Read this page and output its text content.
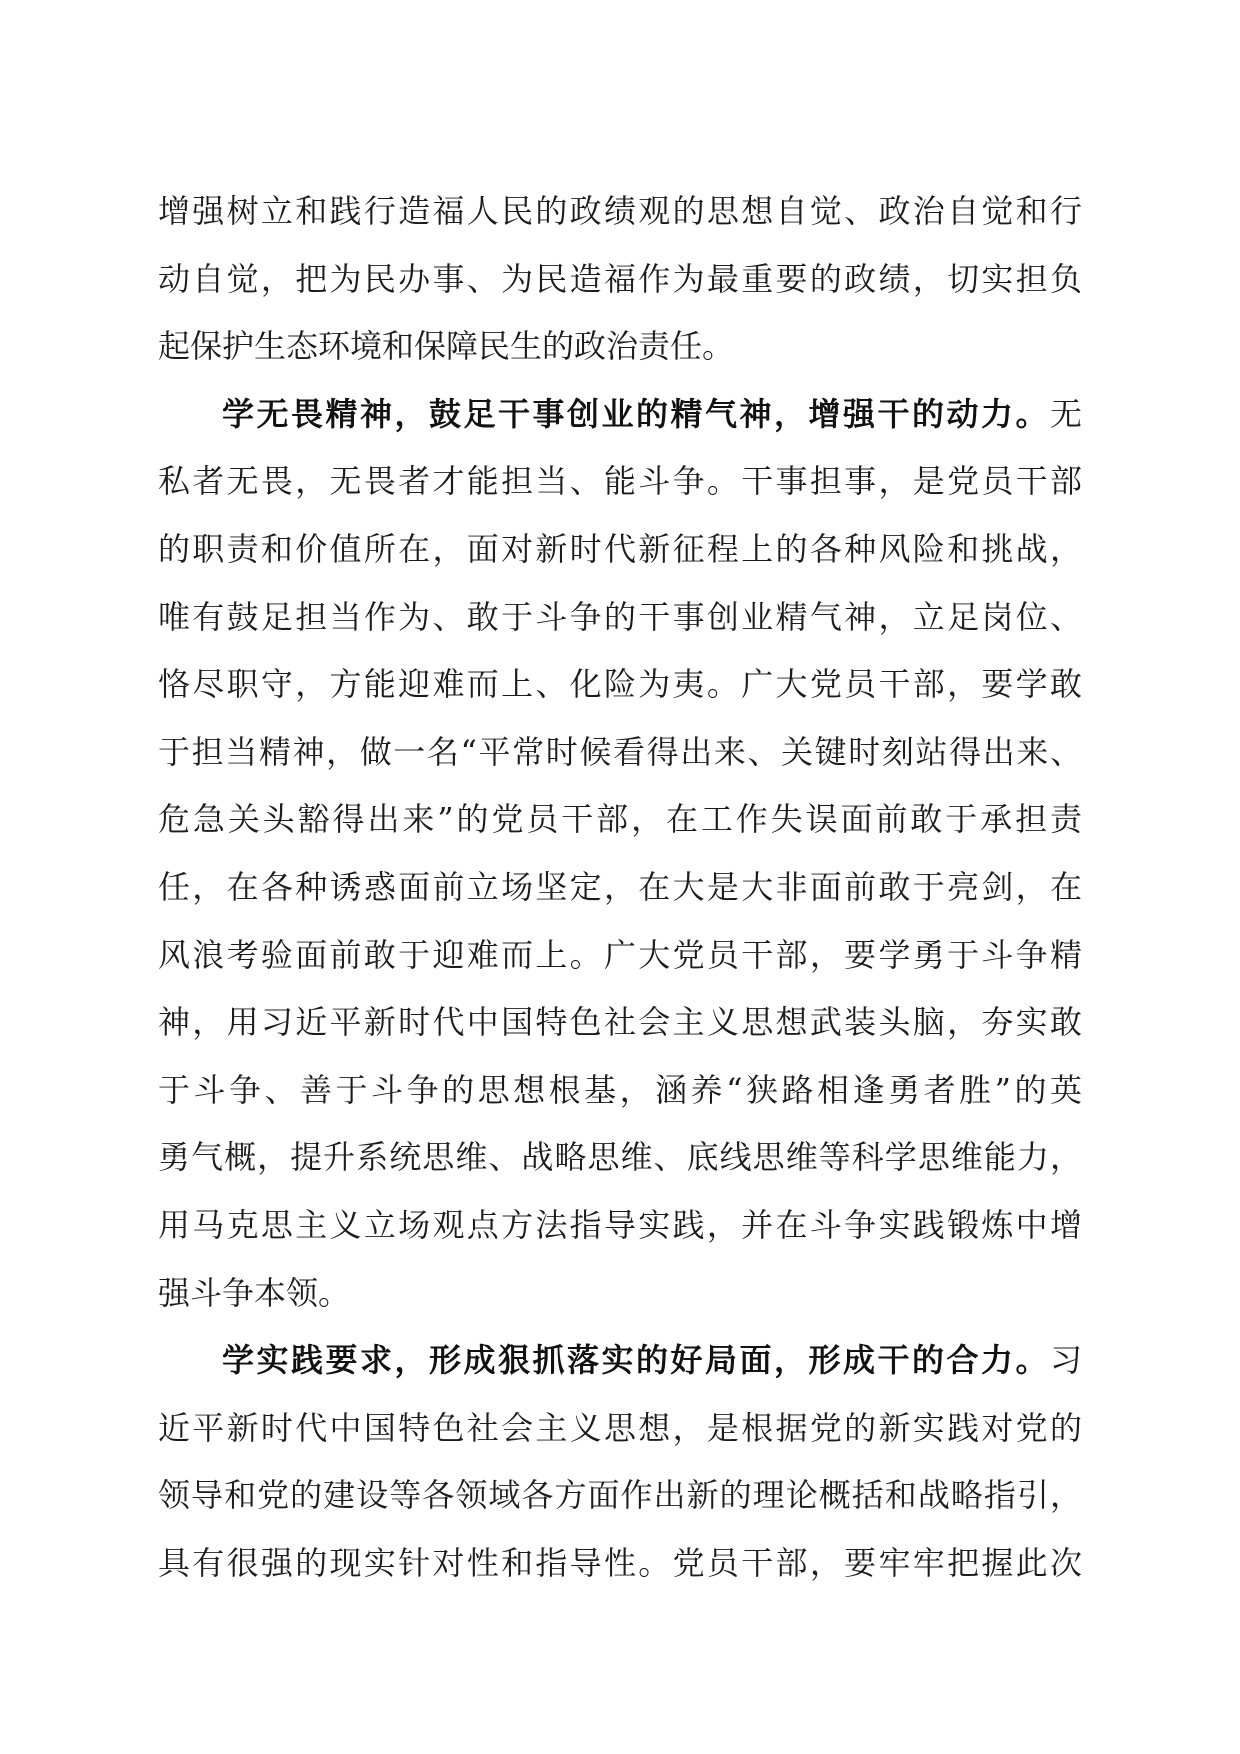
增强树立和践行造福人民的政绩观的思想自觉、政治自觉和行
动自觉，把为民办事、为民造福作为最重要的政绩，切实担负
起保护生态环境和保障民生的政治责任。
学无畏精神，鼓足干事创业的精气神，增强干的动力。无
私者无畏，无畏者才能担当、能斗争。干事担事，是党员干部
的职责和价值所在，面对新时代新征程上的各种风险和挑战，
唯有鼓足担当作为、敢于斗争的干事创业精气神，立足岗位、
恪尽职守，方能迎难而上、化险为夷。广大党员干部，要学敢
于担当精神，做一名“平常时候看得出来、关键时刻站得出来、
危急关头豁得出来”的党员干部，在工作失误面前敢于承担责
任，在各种诱惑面前立场坚定，在大是大非面前敢于亮剑，在
风浪考验面前敢于迎难而上。广大党员干部，要学勇于斗争精
神，用习近平新时代中国特色社会主义思想武装头脑，夯实敢
于斗争、善于斗争的思想根基，涵养“狭路相逢勇者胜”的英
勇气概，提升系统思维、战略思维、底线思维等科学思维能力，
用马克思主义立场观点方法指导实践，并在斗争实践锻炼中增
强斗争本领。
学实践要求，形成狠抓落实的好局面，形成干的合力。习
近平新时代中国特色社会主义思想，是根据党的新实践对党的
领导和党的建设等各领域各方面作出新的理论概括和战略指引，
具有很强的现实针对性和指导性。党员干部，要牢牢把握此次
